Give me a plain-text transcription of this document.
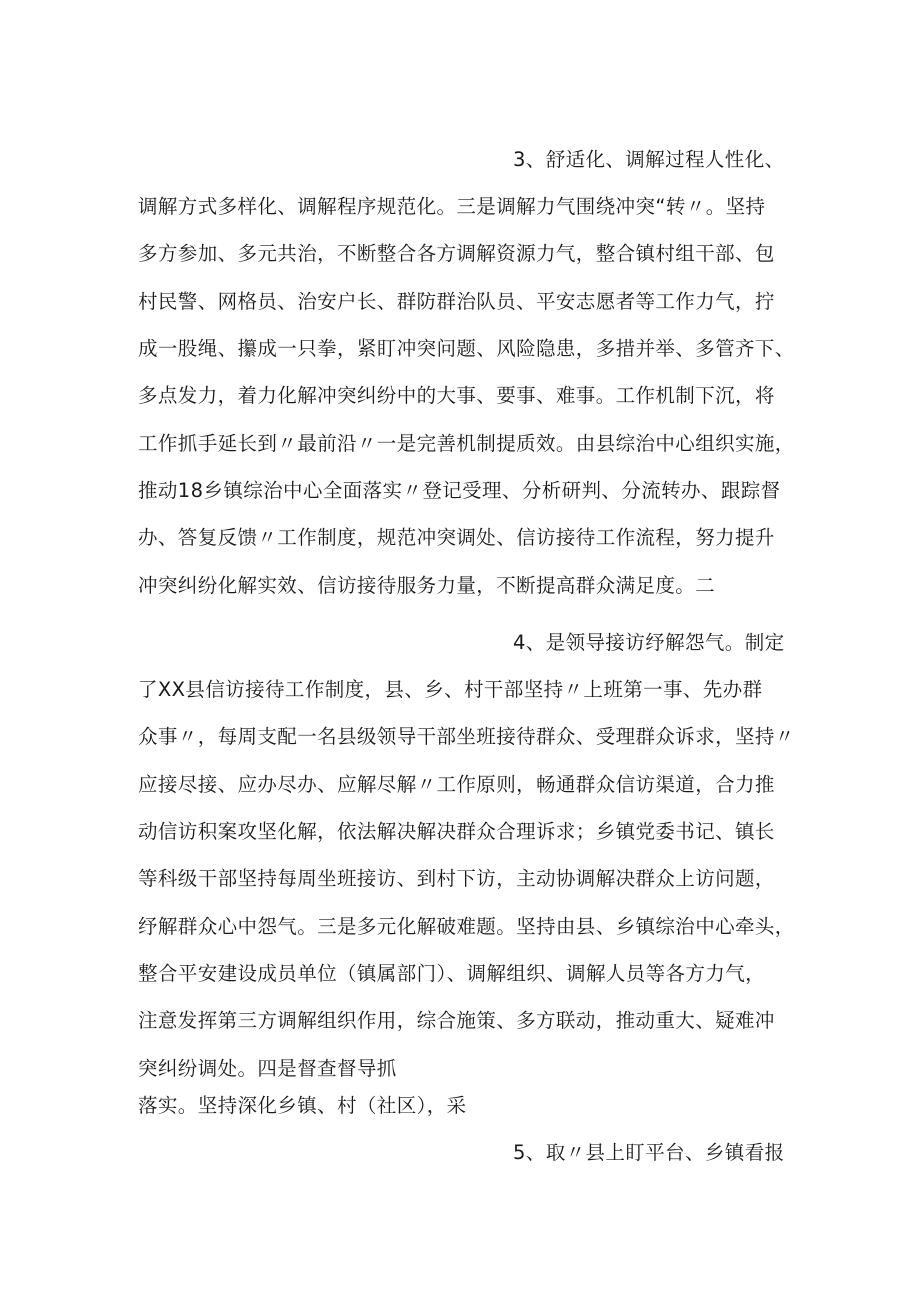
3、舒适化、调解过程人性化、
调解方式多样化、调解程序规范化。三是调解力气围绕冲突“转〃。坚持
多方参加、多元共治，不断整合各方调解资源力气，整合镇村组干部、包
村民警、网格员、治安户长、群防群治队员、平安志愿者等工作力气，拧
成一股绳、攥成一只拳，紧盯冲突问题、风险隐患，多措并举、多管齐下、
多点发力，着力化解冲突纠纷中的大事、要事、难事。工作机制下沉，将
工作抓手延长到〃最前沿〃一是完善机制提质效。由县综治中心组织实施，
推动18乡镇综治中心全面落实〃登记受理、分析研判、分流转办、跟踪督
办、答复反馈〃工作制度，规范冲突调处、信访接待工作流程，努力提升
冲突纠纷化解实效、信访接待服务力量，不断提高群众满足度。二
4、是领导接访纾解怨气。制定
了XX县信访接待工作制度，县、乡、村干部坚持〃上班第一事、先办群
众事〃，每周支配一名县级领导干部坐班接待群众、受理群众诉求，坚持〃
应接尽接、应办尽办、应解尽解〃工作原则，畅通群众信访渠道，合力推
动信访积案攻坚化解，依法解决解决群众合理诉求；乡镇党委书记、镇长
等科级干部坚持每周坐班接访、到村下访，主动协调解决群众上访问题，
纾解群众心中怨气。三是多元化解破难题。坚持由县、乡镇综治中心牵头，
整合平安建设成员单位（镇属部门）、调解组织、调解人员等各方力气，
注意发挥第三方调解组织作用，综合施策、多方联动，推动重大、疑难冲
突纠纷调处。四是督查督导抓
落实。坚持深化乡镇、村（社区），采
5、取〃县上盯平台、乡镇看报
